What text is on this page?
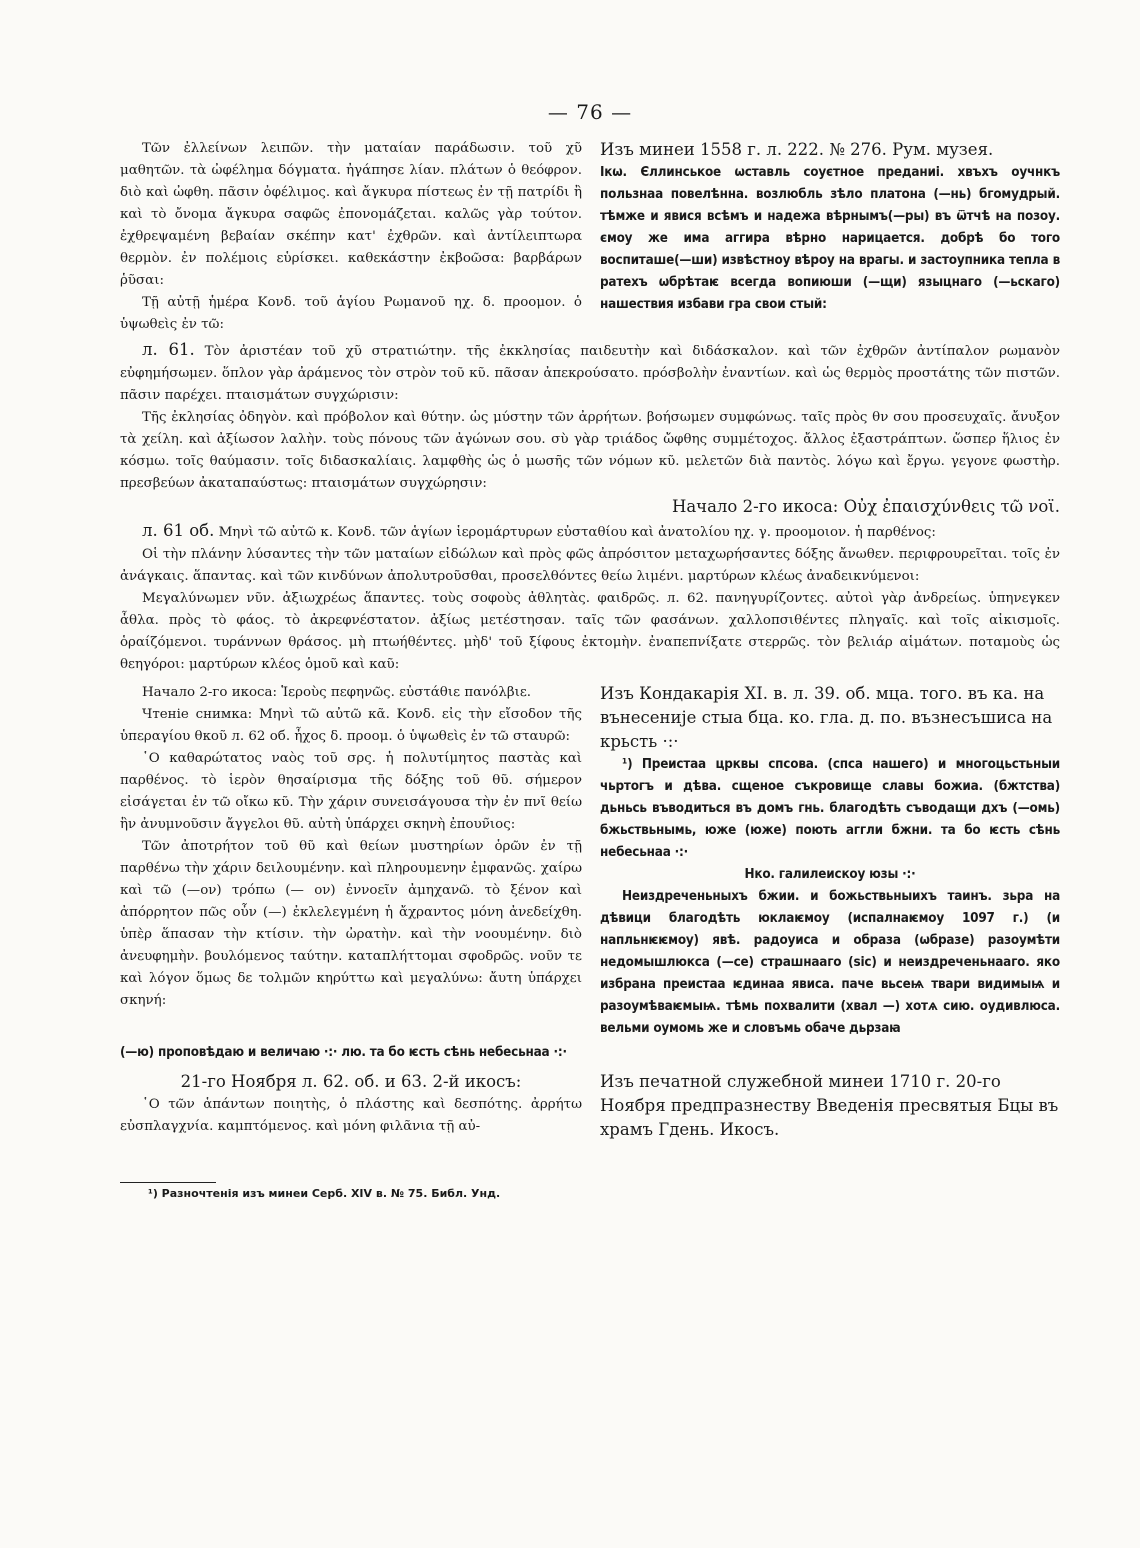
— 76 —

Τῶν ἐλλείνων λειπῶν. τὴν ματαίαν παράδωσιν. τοῦ χῦ μαθητῶν. τὰ ὠφέλημα δόγματα. ἠγάπησε λίαν. πλάτων ὁ θεόφρον. διὸ καὶ ὠφθη. πᾶσιν ὀφέλιμος. καὶ ἄγκυρα πίστεως ἐν τῇ πατρίδι ἢ καὶ τὸ ὄνομα ἄγκυρα σαφῶς ἐπονομάζεται. καλῶς γὰρ τούτον. ἐχθρεψαμένη βεβαίαν σκέπην κατ' ἐχθρῶν. καὶ ἀντίλειπτωρα θερμὸν. ἐν πολέμοις εὑρίσκει. καθεκάστην ἐκβοῶσα: βαρβάρων ῥῦσαι:

Τῇ αὐτῇ ἡμέρα Κονδ. τοῦ ἁγίου Ρωμανοῦ ηχ. δ. προομον. ὁ ὑψωθεὶς ἐν τῶ:

Изъ минеи 1558 г. л. 222. № 276. Рум. музея.

Ікѡ. Єллинськое ѡставль соуєтное преданиі. хвъхъ оучнкъ пользнаа повелѣннa. возлюбль зѣло платона (—нь) бгомудрый. тѣмже и явися всѣмъ и надежа вѣрнымъ(—ры) въ ѿтчѣ на позоу. ємоу же има аггира вѣрно нарицается. добрѣ бо того воспиташе(—ши) извѣстноу вѣроу на врагы. и застоупника тепла в ратехъ ѡбрѣтаѥ всегда вопиюши (—щи) языцнаго (—ьскаго) нашествия избави гра свои стый:

л. 61. Τὸν ἀριστέαν τοῦ χῦ στρατιώτην. τῆς ἐκκλησίας παιδευτὴν καὶ διδάσκαλον. καὶ τῶν ἐχθρῶν ἀντίπαλον ρωμανὸν εὐφημήσωμεν. ὅπλον γὰρ ἀράμενος τὸν στρὸν τοῦ κῦ. πᾶσαν ἀπεκρούσατο. πρόσβολὴν ἐναντίων. καὶ ὡς θερμὸς προστάτης τῶν πιστῶν. πᾶσιν παρέχει. πταισμάτων συγχώρισιν:

Τῆς ἐκλησίας ὀδηγὸν. καὶ πρόβολον καὶ θύτην. ὡς μύστην τῶν ἀρρήτων. βοήσωμεν συμφώνως. ταῖς πρὸς θν σου προσευχαῖς. ἄνυξον τὰ χείλη. καὶ ἀξίωσον λαλὴν. τοὺς πόνους τῶν ἀγώνων σου. σὺ γὰρ τριάδος ὤφθης συμμέτοχος. ἄλλος ἐξαστράπτων. ὥσπερ ἥλιος ἐν κόσμω. τοῖς θαύμασιν. τοῖς διδασκαλίαις. λαμφθὴς ὡς ὁ μωσῆς τῶν νόμων κῦ. μελετῶν διὰ παντὸς. λόγω καὶ ἔργω. γεγονε φωστὴρ. πρεσβεύων ἀκαταπαύστως: πταισμάτων συγχώρησιν:

Начало 2-го икоса: Οὐχ ἐπαισχύνθεις τῶ νοϊ.

л. 61 об. Μηνὶ τῶ αὐτῶ κ. Κονδ. τῶν ἁγίων ἱερομάρτυρων εὐσταθίου καὶ ἀνατολίου ηχ. γ. προομοιον. ἡ παρθένος:

Οἱ τὴν πλάνην λύσαντες τὴν τῶν ματαίων εἰδώλων καὶ πρὸς φῶς ἀπρόσιτον μεταχωρήσαντες δόξης ἄνωθεν. περιφρουρεῖται. τοῖς ἐν ἀνάγκαις. ἅπαντας. καὶ τῶν κινδύνων ἀπολυτροῦσθαι, προσελθόντες θείω λιμένι. μαρτύρων κλέως ἀναδεικνύμενοι:

Μεγαλύνωμεν νῦν. ἀξιωχρέως ἅπαντες. τοὺς σοφοὺς ἀθλητὰς. φαιδρῶς. л. 62. πανηγυρίζοντες. αὐτοὶ γὰρ ἀνδρείως. ὑπηνεγκεν ἆθλα. πρὸς τὸ φάος. τὸ ἀκρεφνέστατον. ἀξίως μετέστησαν. ταῖς τῶν φασάνων. χαλλοπσιθέντες πληγαῖς. καὶ τοῖς αἰκισμοῖς. ὁραίζόμενοι. τυράννων θράσος. μὴ πτωήθέντες. μὴδ' τοῦ ξίφους ἐκτομὴν. ἐναπεπνίξατε στερρῶς. τὸν βελιάρ αἱμάτων. ποταμοὺς ὡς θεηγόροι: μαρτύρων κλέος ὁμοῦ καὶ καῦ:

Начало 2-го икоса: Ἱεροὺς πεφηνῶς. εὐστάθιε πανόλβιε.

Чтеніе снимка: Μηνὶ τῶ αὐτῶ κᾶ. Κονδ. εἰς τὴν εἴσοδον τῆς ὑπεραγίου θκοῦ л. 62 об. ἦχος δ. προομ. ὁ ὑψωθεὶς ἐν τῶ σταυρῶ:

῾Ο καθαρώτατος ναὸς τοῦ σρς. ἡ πολυτίμητος παστὰς καὶ παρθένος. τὸ ἱερὸν θησαίρισμα τῆς δόξης τοῦ θῦ. σήμερον εἰσάγεται ἐν τῶ οἴκω κῦ. Τὴν χάριν συνεισάγουσα τὴν ἐν πνῖ θείω ἣν ἀνυμνοῦσιν ἄγγελοι θῦ. αὐτὴ ὑπάρχει σκηνὴ ἐπουν̃ιος:

Τῶν ἀποτρήτον τοῦ θῦ καὶ θείων μυστηρίων ὁρῶν ἐν τῇ παρθένω τὴν χάριν δειλουμένην. καὶ πληρουμενην ἐμφανῶς. χαίρω καὶ τῶ (—ον) τρόπω (— ον) ἐννοεῖν ἀμηχανῶ. τὸ ξένον καὶ ἀπόρρητον πῶς οὖν (—) ἐκλελεγμένη ἡ ἄχραντος μόνη ἀνεδείχθη. ὑπὲρ ἅπασαν τὴν κτίσιν. τὴν ὠρατὴν. καὶ τὴν νοουμένην. διὸ ἀνευφημὴν. βουλόμενος ταύτην. καταπλήττομαι σφοδρῶς. νοῦν τε καὶ λόγον ὅμως δε τολμῶν κηρύττω καὶ μεγαλύνω: ἄυτη ὑπάρχει σκηνή:

Изъ Кондакарія XI. в. л. 39. об. мца. того. въ ка. на вънесеније стыа бца. ко. гла. д. по. възнесъшиса на крьсть ·:·

¹) Преистаа црквы спсова. (спса нашего) и многоцьстьныи чьртогъ и дѣва. сщеное съкровище славы божиа. (бжтства) дьньсь въводиться въ домъ гнь. благодѣть съводащи дхъ (—омь) бжьствьнымь, юже (юже) поють аггли бжни. та бо ѥсть сѣнь небесьнаа ·:·

Нко. галилеискоу юзы ·:·

Неиздреченьныхъ бжии. и божьствьныихъ таинъ. зьра на дѣвици благодѣть юклаѥмоу (испалнаѥмоу 1097 г.) (и напльнѥѥмоу) явѣ. радоуиса и образа (ѡбразе) разоумѣти недомышлюкса (—се) страшнааго (sic) и неиздреченьнааго. яко избрана преистаа ѥдинаа явиса. паче вьсеѩ твари видимыѩ и разоумѣваѥмыѩ. тѣмь похвалити (хвал —) хотѧ сию. оудивлюса. вельми оумомь же и словъмь обаче дьрзаꙗ

(—ю) проповѣдаю и величаю ·:· лю. та бо ѥсть сѣнь небесьнаа ·:·

21-го Ноября л. 62. об. и 63. 2-й икосъ:

῾Ο τῶν ἁπάντων ποιητὴς, ὁ πλάστης καὶ δεσπότης. ἀρρήτω εὐσπλαγχνία. καμπτόμενος. καὶ μόνη φιλᾶνια τῇ αὐ-

Изъ печатной служебной минеи 1710 г. 20-го Ноября предпразнеству Введенія пресвятыя Бцы въ храмъ Гдень. Икосъ.

¹) Разночтенія изъ минеи Серб. XIV в. № 75. Библ. Унд.
